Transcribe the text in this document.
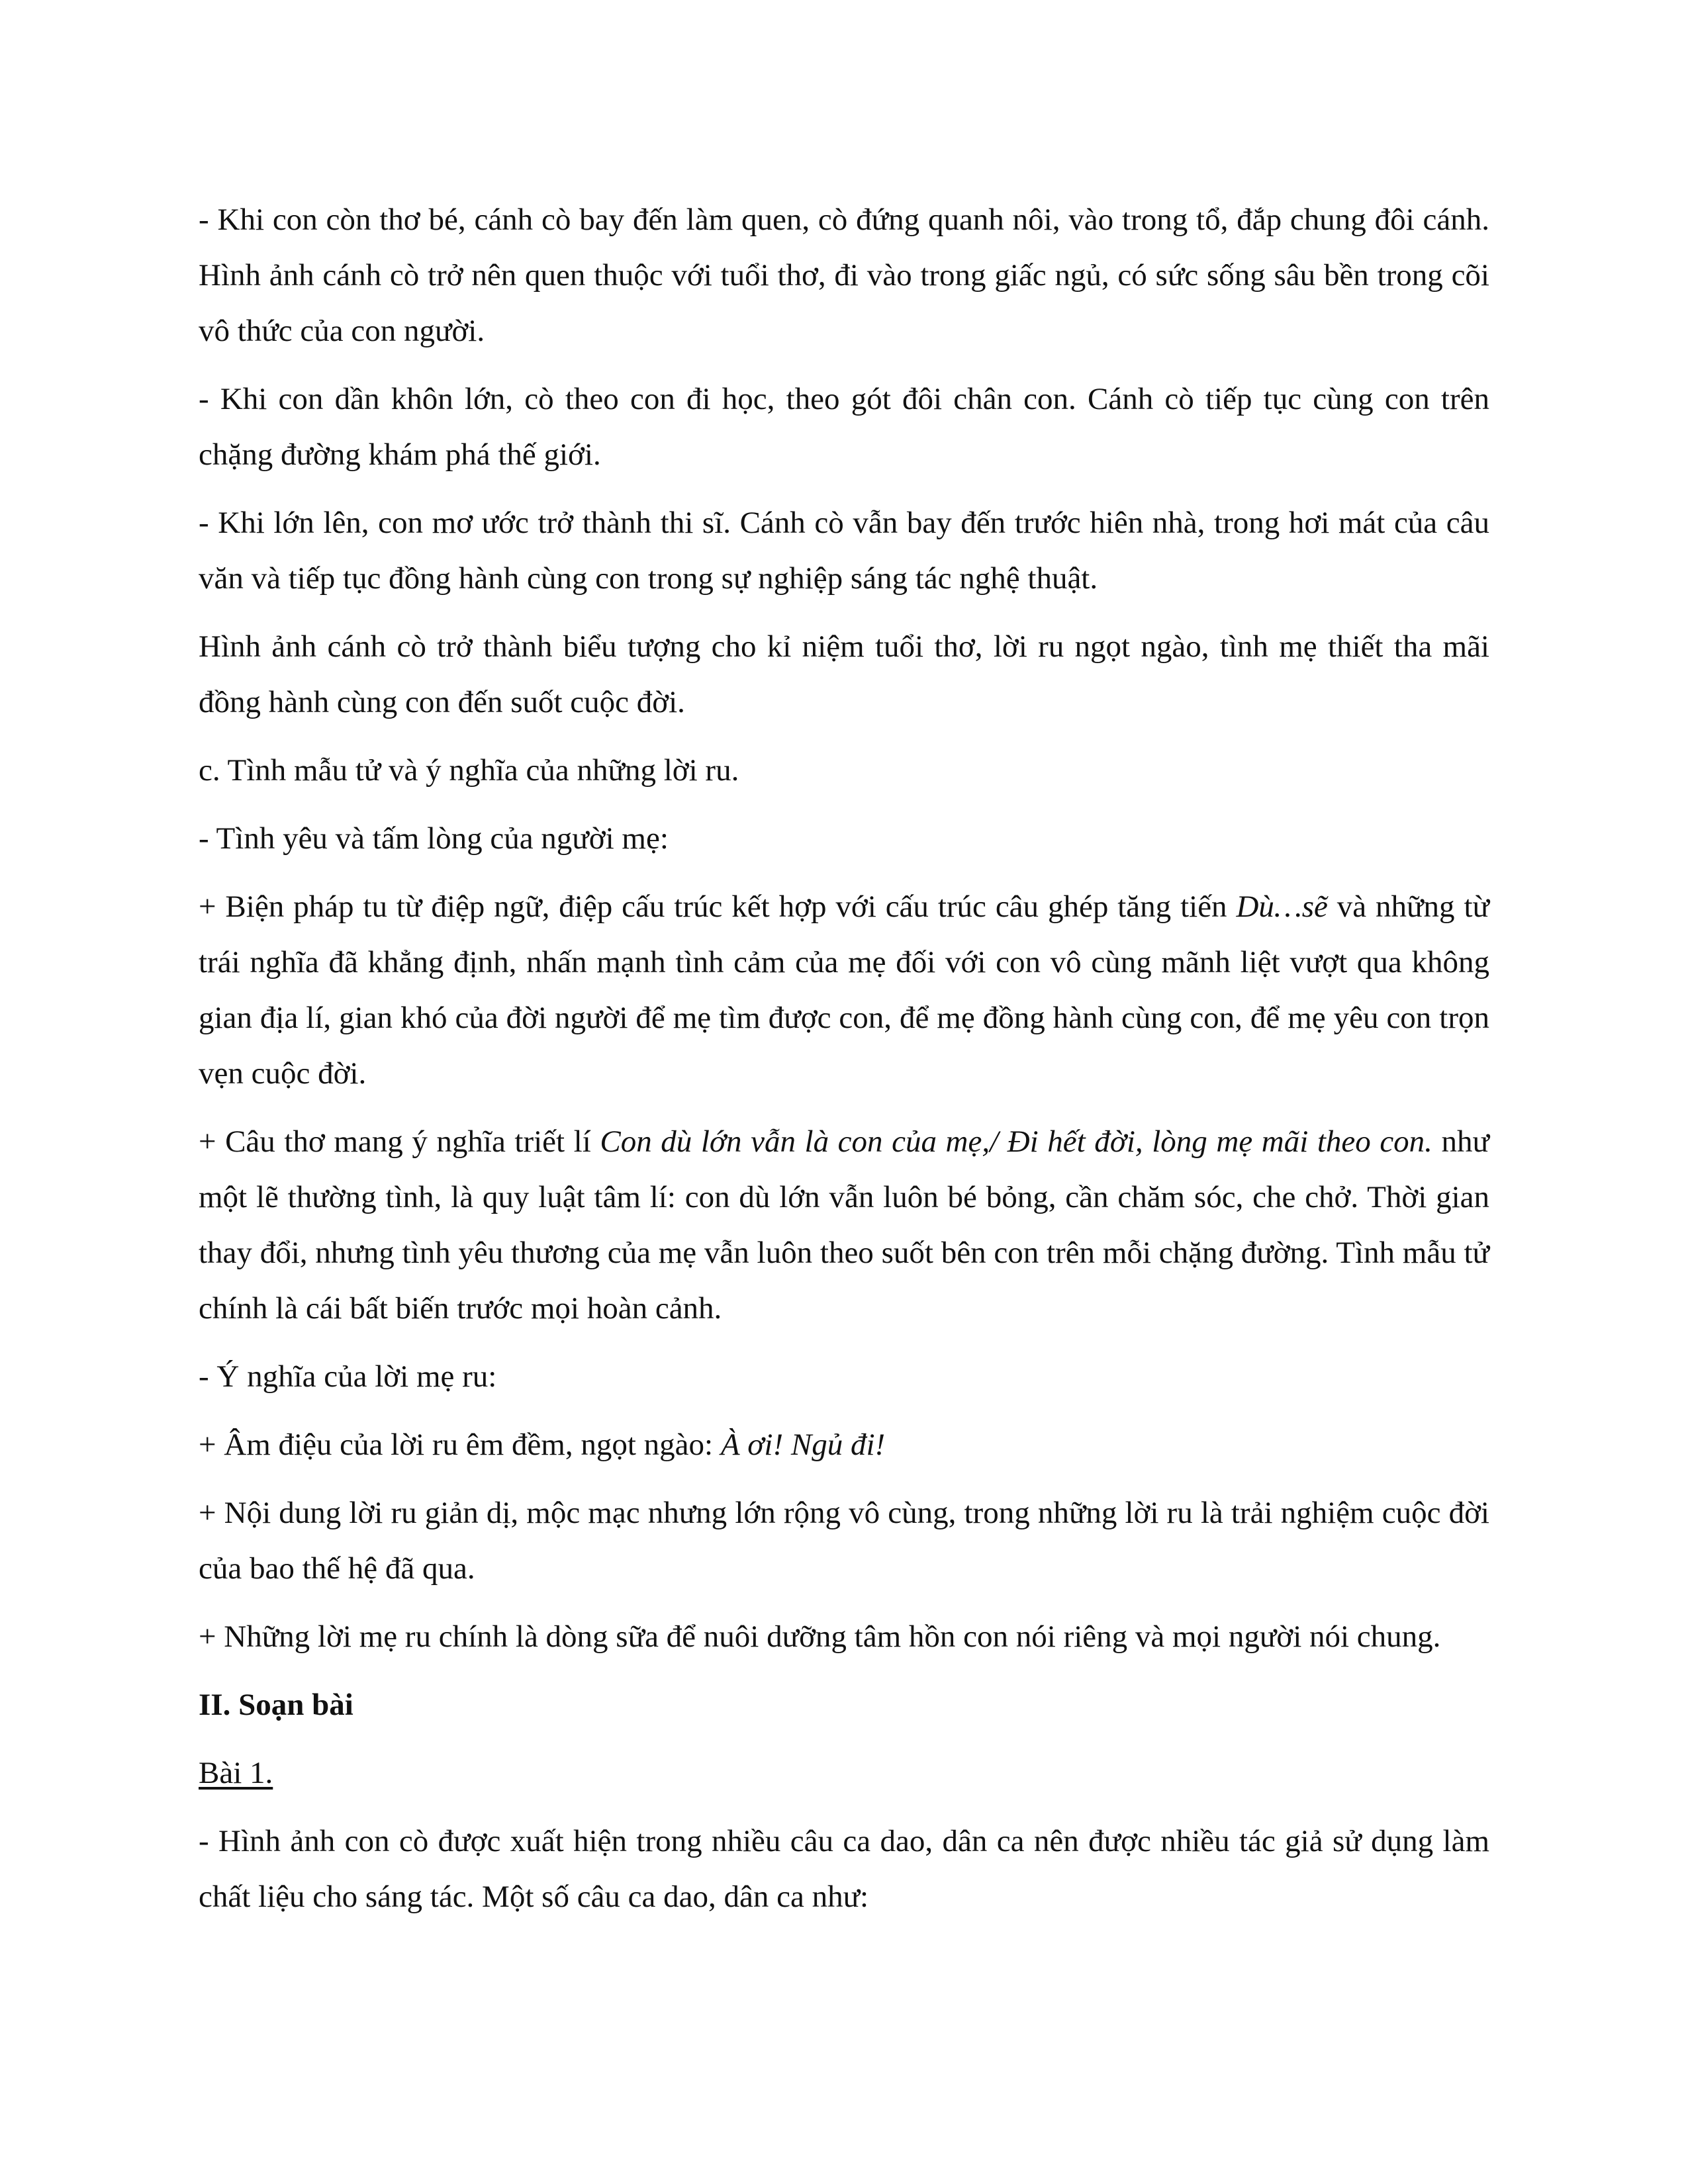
- Khi con còn thơ bé, cánh cò bay đến làm quen, cò đứng quanh nôi, vào trong tổ, đắp chung đôi cánh. Hình ảnh cánh cò trở nên quen thuộc với tuổi thơ, đi vào trong giấc ngủ, có sức sống sâu bền trong cõi vô thức của con người.

- Khi con dần khôn lớn, cò theo con đi học, theo gót đôi chân con. Cánh cò tiếp tục cùng con trên chặng đường khám phá thế giới.

- Khi lớn lên, con mơ ước trở thành thi sĩ. Cánh cò vẫn bay đến trước hiên nhà, trong hơi mát của câu văn và tiếp tục đồng hành cùng con trong sự nghiệp sáng tác nghệ thuật.

Hình ảnh cánh cò trở thành biểu tượng cho kỉ niệm tuổi thơ, lời ru ngọt ngào, tình mẹ thiết tha mãi đồng hành cùng con đến suốt cuộc đời.

c. Tình mẫu tử và ý nghĩa của những lời ru.

- Tình yêu và tấm lòng của người mẹ:

+ Biện pháp tu từ điệp ngữ, điệp cấu trúc kết hợp với cấu trúc câu ghép tăng tiến Dù…sẽ và những từ trái nghĩa đã khẳng định, nhấn mạnh tình cảm của mẹ đối với con vô cùng mãnh liệt vượt qua không gian địa lí, gian khó của đời người để mẹ tìm được con, để mẹ đồng hành cùng con, để mẹ yêu con trọn vẹn cuộc đời.

+ Câu thơ mang ý nghĩa triết lí Con dù lớn vẫn là con của mẹ,/ Đi hết đời, lòng mẹ mãi theo con. như một lẽ thường tình, là quy luật tâm lí: con dù lớn vẫn luôn bé bỏng, cần chăm sóc, che chở. Thời gian thay đổi, nhưng tình yêu thương của mẹ vẫn luôn theo suốt bên con trên mỗi chặng đường. Tình mẫu tử chính là cái bất biến trước mọi hoàn cảnh.

- Ý nghĩa của lời mẹ ru:

+ Âm điệu của lời ru êm đềm, ngọt ngào: À ơi! Ngủ đi!

+ Nội dung lời ru giản dị, mộc mạc nhưng lớn rộng vô cùng, trong những lời ru là trải nghiệm cuộc đời của bao thế hệ đã qua.

+ Những lời mẹ ru chính là dòng sữa để nuôi dưỡng tâm hồn con nói riêng và mọi người nói chung.

II. Soạn bài

Bài 1.

- Hình ảnh con cò được xuất hiện trong nhiều câu ca dao, dân ca nên được nhiều tác giả sử dụng làm chất liệu cho sáng tác. Một số câu ca dao, dân ca như:
